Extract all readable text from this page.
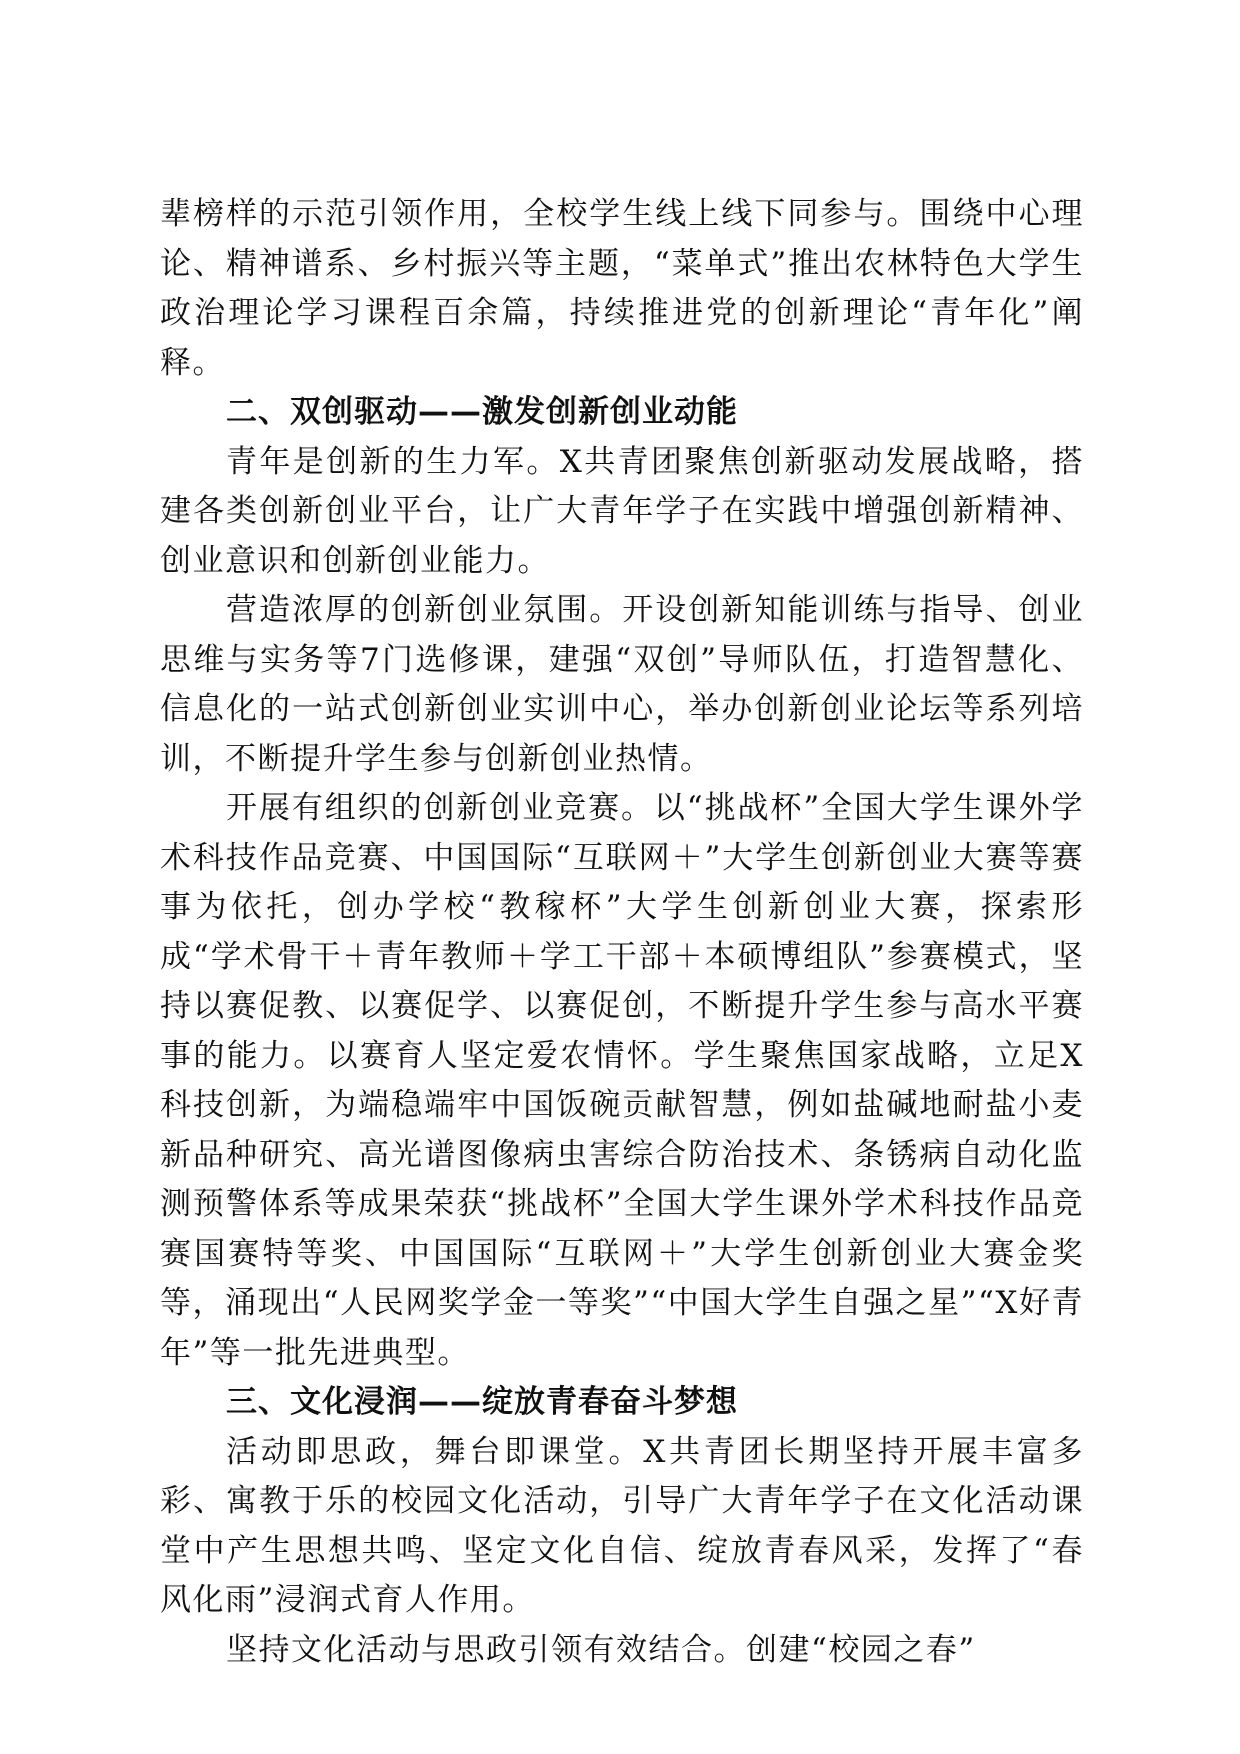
辈榜样的示范引领作用，全校学生线上线下同参与。围绕中心理论、精神谱系、乡村振兴等主题，“菜单式”推出农林特色大学生政治理论学习课程百余篇，持续推进党的创新理论“青年化”阐释。

二、双创驱动——激发创新创业动能

青年是创新的生力军。X共青团聚焦创新驱动发展战略，搭建各类创新创业平台，让广大青年学子在实践中增强创新精神、创业意识和创新创业能力。

营造浓厚的创新创业氛围。开设创新知能训练与指导、创业思维与实务等7门选修课，建强“双创”导师队伍，打造智慧化、信息化的一站式创新创业实训中心，举办创新创业论坛等系列培训，不断提升学生参与创新创业热情。

开展有组织的创新创业竞赛。以“挑战杯”全国大学生课外学术科技作品竞赛、中国国际“互联网＋”大学生创新创业大赛等赛事为依托，创办学校“教稼杯”大学生创新创业大赛，探索形成“学术骨干＋青年教师＋学工干部＋本硕博组队”参赛模式，坚持以赛促教、以赛促学、以赛促创，不断提升学生参与高水平赛事的能力。以赛育人坚定爱农情怀。学生聚焦国家战略，立足X科技创新，为端稳端牢中国饭碗贡献智慧，例如盐碱地耐盐小麦新品种研究、高光谱图像病虫害综合防治技术、条锈病自动化监测预警体系等成果荣获“挑战杯”全国大学生课外学术科技作品竞赛国赛特等奖、中国国际“互联网＋”大学生创新创业大赛金奖等，涌现出“人民网奖学金一等奖”“中国大学生自强之星”“X好青年”等一批先进典型。

三、文化浸润——绽放青春奋斗梦想

活动即思政，舞台即课堂。X共青团长期坚持开展丰富多彩、寓教于乐的校园文化活动，引导广大青年学子在文化活动课堂中产生思想共鸣、坚定文化自信、绽放青春风采，发挥了“春风化雨”浸润式育人作用。

坚持文化活动与思政引领有效结合。创建“校园之春”
